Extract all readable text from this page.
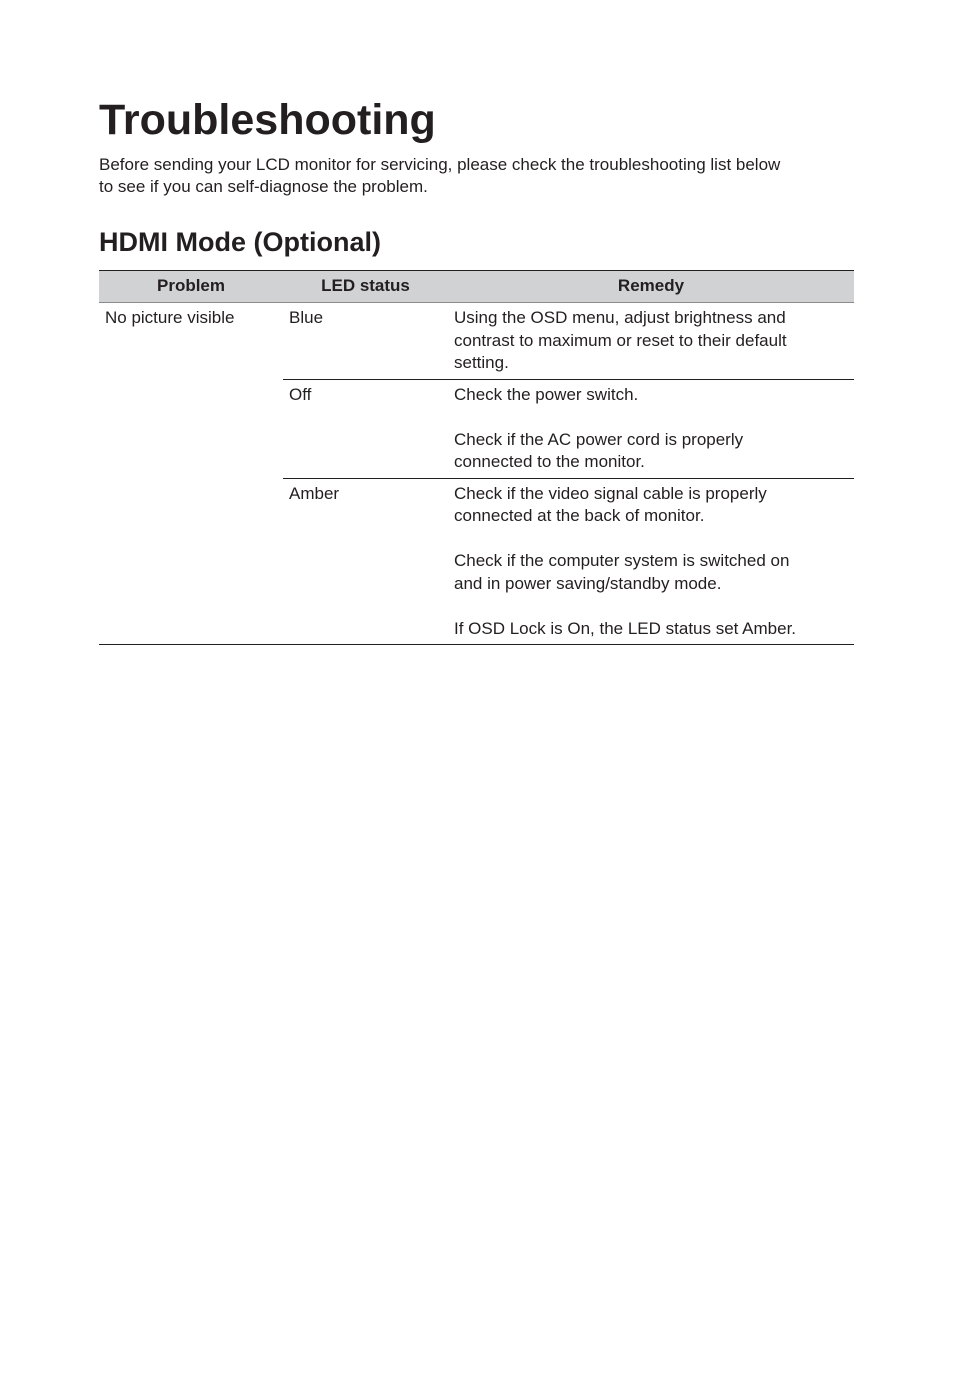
Troubleshooting

Before sending your LCD monitor for servicing, please check the troubleshooting list below
to see if you can self-diagnose the problem.

HDMI Mode (Optional)
Problem	LED status	Remedy
No picture visible	Blue	Using the OSD menu, adjust brightness and
contrast to maximum or reset to their default
setting.

	Off	Check the power switch.

Check if the AC power cord is properly
connected to the monitor.

	Amber	Check if the video signal cable is properly
connected at the back of monitor.

Check if the computer system is switched on
and in power saving/standby mode.

If OSD Lock is On, the LED status set Amber.
